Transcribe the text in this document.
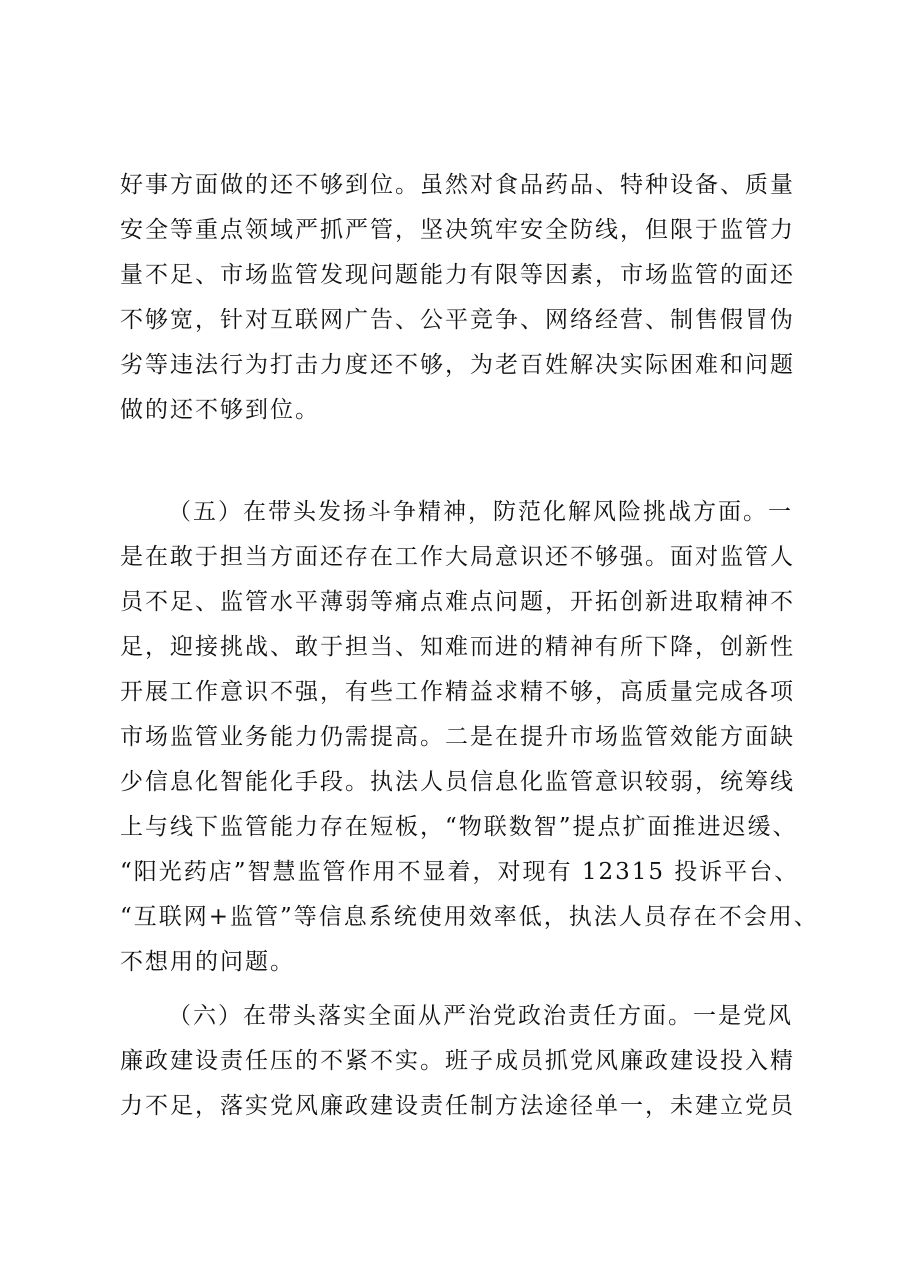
好事方面做的还不够到位。虽然对食品药品、特种设备、质量
安全等重点领域严抓严管，坚决筑牢安全防线，但限于监管力
量不足、市场监管发现问题能力有限等因素，市场监管的面还
不够宽，针对互联网广告、公平竞争、网络经营、制售假冒伪
劣等违法行为打击力度还不够，为老百姓解决实际困难和问题
做的还不够到位。
（五）在带头发扬斗争精神，防范化解风险挑战方面。一
是在敢于担当方面还存在工作大局意识还不够强。面对监管人
员不足、监管水平薄弱等痛点难点问题，开拓创新进取精神不
足，迎接挑战、敢于担当、知难而进的精神有所下降，创新性
开展工作意识不强，有些工作精益求精不够，高质量完成各项
市场监管业务能力仍需提高。二是在提升市场监管效能方面缺
少信息化智能化手段。执法人员信息化监管意识较弱，统筹线
上与线下监管能力存在短板，“物联数智”提点扩面推进迟缓、
“阳光药店”智慧监管作用不显着，对现有 12315 投诉平台、
“互联网+监管”等信息系统使用效率低，执法人员存在不会用、
不想用的问题。
（六）在带头落实全面从严治党政治责任方面。一是党风
廉政建设责任压的不紧不实。班子成员抓党风廉政建设投入精
力不足，落实党风廉政建设责任制方法途径单一，未建立党员
